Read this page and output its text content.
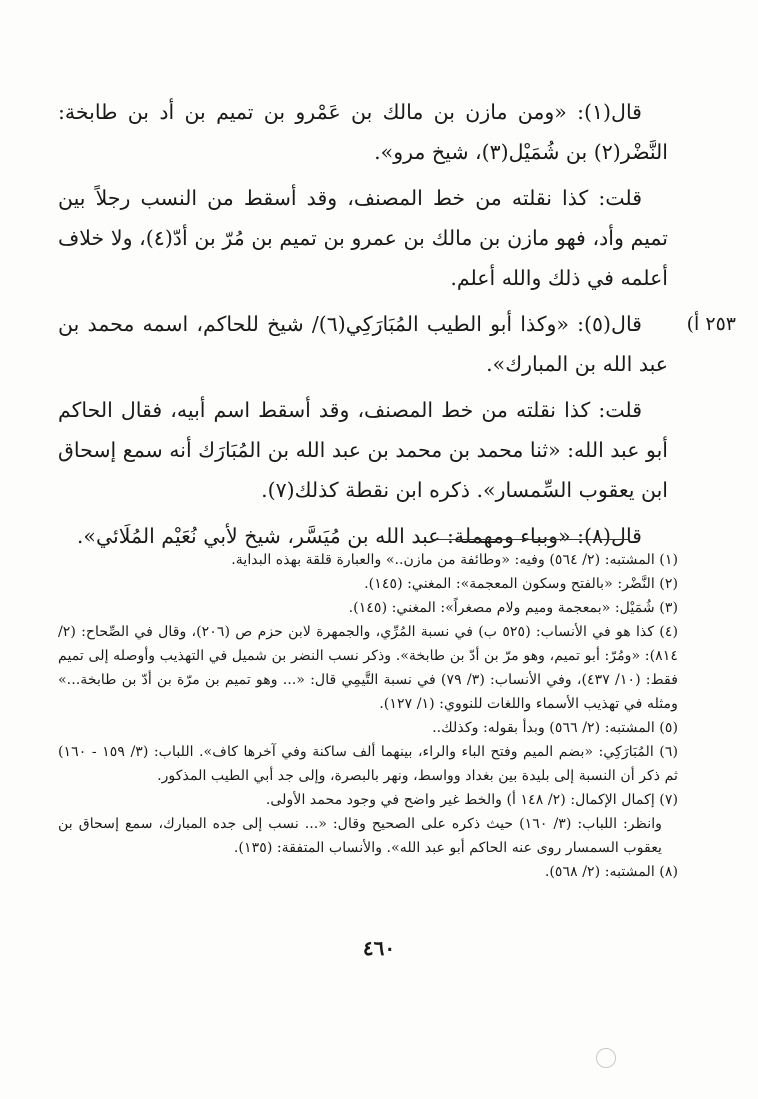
قال(١): «ومن مازن بن مالك بن عَمْرو بن تميم بن أد بن طابخة: النَّضْر(٢) بن شُمَيْل(٣)، شيخ مرو».

قلت: كذا نقلته من خط المصنف، وقد أسقط من النسب رجلاً بين تميم وأد، فهو مازن بن مالك بن عمرو بن تميم بن مُرّ بن أدّ(٤)، ولا خلاف أعلمه في ذلك والله أعلم.

٢٥٣ أ)

قال(٥): «وكذا أبو الطيب المُبَارَكِي(٦)/ شيخ للحاكم، اسمه محمد بن عبد الله بن المبارك».

قلت: كذا نقلته من خط المصنف، وقد أسقط اسم أبيه، فقال الحاكم أبو عبد الله: «ثنا محمد بن محمد بن عبد الله بن المُبَارَك أنه سمع إسحاق ابن يعقوب السِّمسار». ذكره ابن نقطة كذلك(٧).

قال(٨): «وبباء ومهملة: عبد الله بن مُيَسَّر، شيخ لأبي نُعَيْم المُلَائي».

(١) المشتبه: (٢/ ٥٦٤) وفيه: «وطائفة من مازن..» والعبارة قلقة بهذه البداية.

(٢) النَّضْر: «بالفتح وسكون المعجمة»: المغني: (١٤٥).

(٣) شُمَيْل: «بمعجمة وميم ولام مصغراً»: المغني: (١٤٥).

(٤) كذا هو في الأنساب: (٥٢٥ ب) في نسبة المُرِّي، والجمهرة لابن حزم ص (٢٠٦)، وقال في الصِّحاح: (٢/ ٨١٤): «ومُرّ: أبو تميم، وهو مرّ بن أدّ بن طابخة». وذكر نسب النضر بن شميل في التهذيب وأوصله إلى تميم فقط: (١٠/ ٤٣٧)، وفي الأنساب: (٣/ ٧٩) في نسبة التَّيمِي قال: «... وهو تميم بن مرّة بن أدّ بن طابخة...» ومثله في تهذيب الأسماء واللغات للنووي: (١/ ١٢٧).

(٥) المشتبه: (٢/ ٥٦٦) وبدأ بقوله: وكذلك..

(٦) المُبَارَكِي: «بضم الميم وفتح الباء والراء، بينهما ألف ساكنة وفي آخرها كاف». اللباب: (٣/ ١٥٩ - ١٦٠) ثم ذكر أن النسبة إلى بليدة بين بغداد وواسط، ونهر بالبصرة، وإلى جد أبي الطيب المذكور.

(٧) إكمال الإكمال: (٢/ ١٤٨ أ) والخط غير واضح في وجود محمد الأولى.

وانظر: اللباب: (٣/ ١٦٠) حيث ذكره على الصحيح وقال: «... نسب إلى جده المبارك، سمع إسحاق بن يعقوب السمسار روى عنه الحاكم أبو عبد الله». والأنساب المتفقة: (١٣٥).

(٨) المشتبه: (٢/ ٥٦٨).

٤٦٠
